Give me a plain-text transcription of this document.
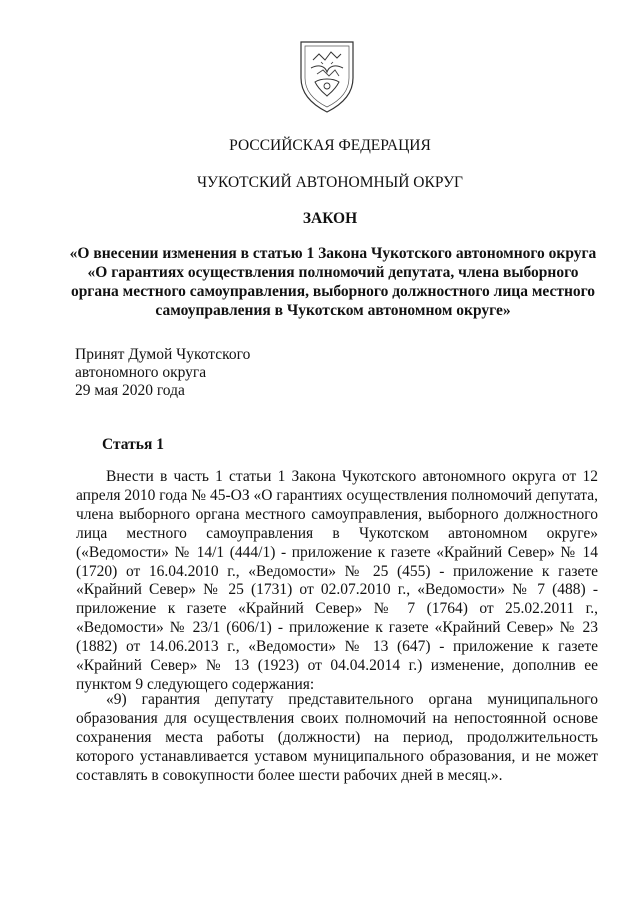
РОССИЙСКАЯ ФЕДЕРАЦИЯ
ЧУКОТСКИЙ АВТОНОМНЫЙ ОКРУГ
ЗАКОН
«О внесении изменения в статью 1 Закона Чукотского автономного округа «О гарантиях осуществления полномочий депутата, члена выборного органа местного самоуправления, выборного должностного лица местного самоуправления в Чукотском автономном округе»
Принят Думой Чукотского
автономного округа
29 мая 2020 года
Статья 1
Внести в часть 1 статьи 1 Закона Чукотского автономного округа от 12 апреля 2010 года № 45-ОЗ «О гарантиях осуществления полномочий депутата, члена выборного органа местного самоуправления, выборного должностного лица местного самоуправления в Чукотском автономном округе» («Ведомости» № 14/1 (444/1) - приложение к газете «Крайний Север» № 14 (1720) от 16.04.2010 г., «Ведомости» № 25 (455) - приложение к газете «Крайний Север» № 25 (1731) от 02.07.2010 г., «Ведомости» № 7 (488) - приложение к газете «Крайний Север» № 7 (1764) от 25.02.2011 г., «Ведомости» № 23/1 (606/1) - приложение к газете «Крайний Север» № 23 (1882) от 14.06.2013 г., «Ведомости» № 13 (647) - приложение к газете «Крайний Север» № 13 (1923) от 04.04.2014 г.) изменение, дополнив ее пунктом 9 следующего содержания:
«9) гарантия депутату представительного органа муниципального образования для осуществления своих полномочий на непостоянной основе сохранения места работы (должности) на период, продолжительность которого устанавливается уставом муниципального образования, и не может составлять в совокупности более шести рабочих дней в месяц.».
